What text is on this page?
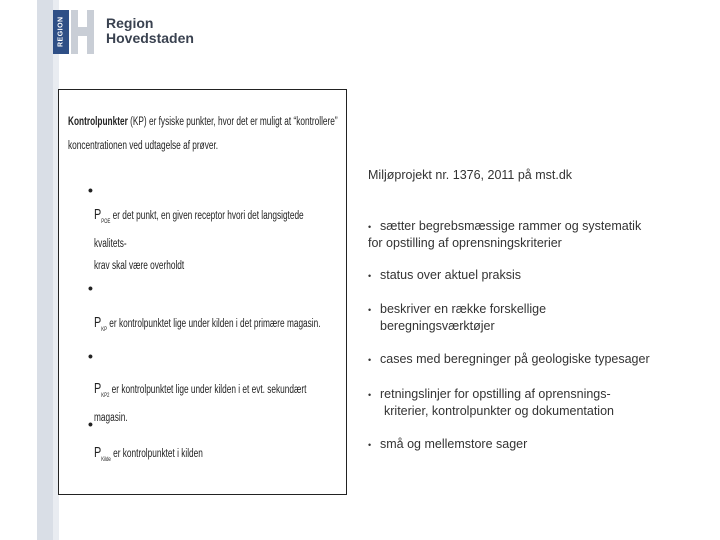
REGION	Region
Hovedstaden
Kontrolpunkter (KP) er fysiske punkter, hvor det er muligt at “kontrollere”
koncentrationen ved udtagelse af prøver.
•
$P_{POE}$ er det punkt, en given receptor hvori det langsigtede kvalitets-
krav skal være overholdt
•
$P_{KP}$ er kontrolpunktet lige under kilden i det primære magasin.
•
$P_{KP2}$ er kontrolpunktet lige under kilden i et evt. sekundært magasin.
•
$P_{Kilde}$ er kontrolpunktet i kilden
Miljøprojekt nr. 1376, 2011 på mst.dk
• sætter begrebsmæssige rammer og systematik
for opstilling af oprensningskriterier
• status over aktuel praksis
• beskriver en række forskellige
beregningsværktøjer
• cases med beregninger på geologiske typesager
• retningslinjer for opstilling af oprensnings-
kriterier, kontrolpunkter og dokumentation
• små og mellemstore sager
